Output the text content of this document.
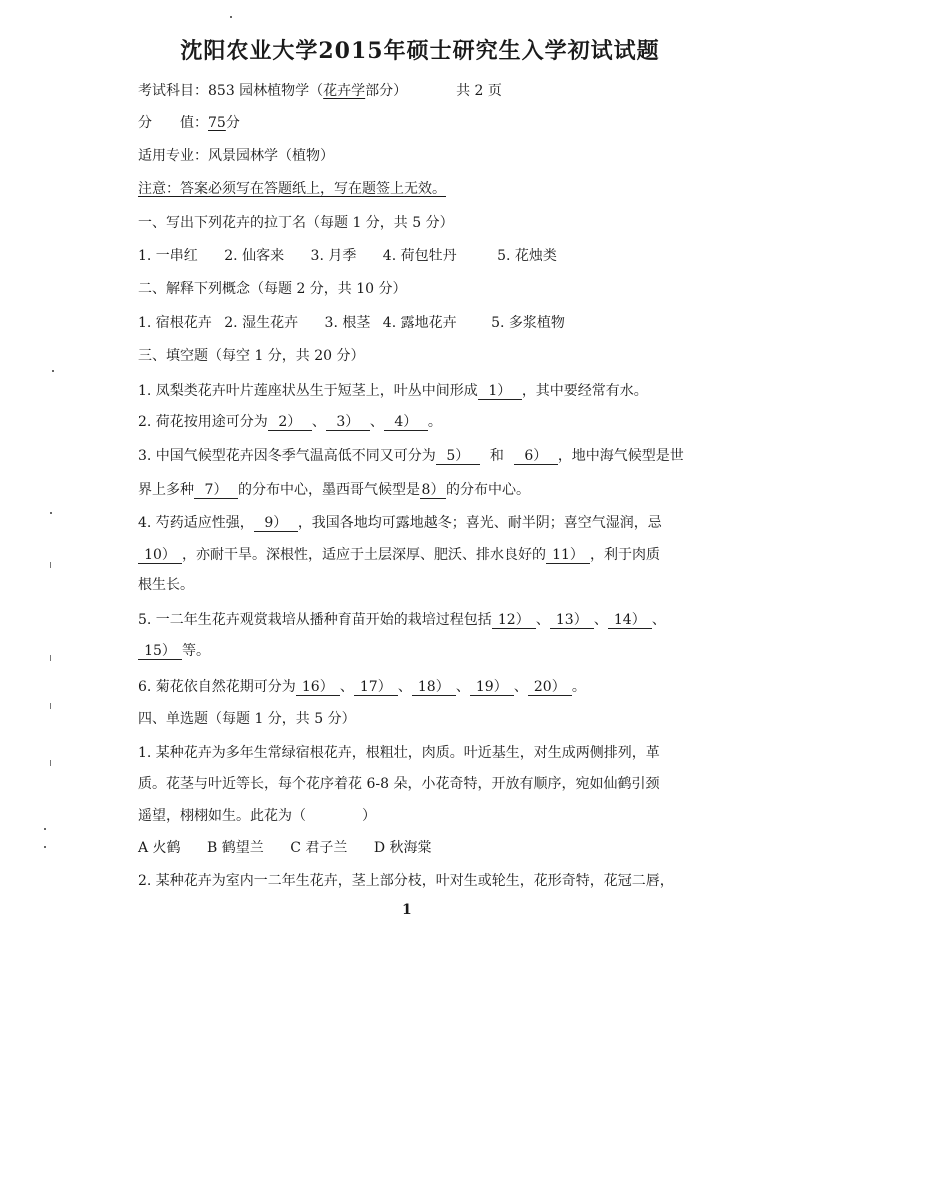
沈阳农业大学2015年硕士研究生入学初试试题
考试科目：853 园林植物学（花卉学部分）	共 2 页
分　　值：75分
适用专业：风景园林学（植物）
注意：答案必须写在答题纸上，写在题签上无效。
一、写出下列花卉的拉丁名（每题 1 分，共 5 分）
1. 一串红 2. 仙客来 3. 月季 4. 荷包牡丹	5. 花烛类
二、解释下列概念（每题 2 分，共 10 分）
1. 宿根花卉 2. 湿生花卉 3. 根茎 4. 露地花卉 5. 多浆植物
三、填空题（每空 1 分，共 20 分）
1. 凤梨类花卉叶片莲座状丛生于短茎上，叶丛中间形成 1） ，其中要经常有水。
2. 荷花按用途可分为 2） 、 3） 、 4） 。
3. 中国气候型花卉因冬季气温高低不同又可分为 5） 和 6） ，地中海气候型是世
界上多种 7） 的分布中心，墨西哥气候型是 8） 的分布中心。
4. 芍药适应性强， 9） ，我国各地均可露地越冬；喜光、耐半阴；喜空气湿润，忌
10） ，亦耐干旱。深根性，适应于土层深厚、肥沃、排水良好的 11） ，利于肉质
根生长。
5. 一二年生花卉观赏栽培从播种育苗开始的栽培过程包括 12） 、 13） 、 14） 、
15） 等。
6. 菊花依自然花期可分为 16） 、 17） 、 18） 、 19） 、 20） 。
四、单选题（每题 1 分，共 5 分）
1. 某种花卉为多年生常绿宿根花卉，根粗壮，肉质。叶近基生，对生成两侧排列，革
质。花茎与叶近等长，每个花序着花 6-8 朵，小花奇特，开放有顺序，宛如仙鹤引颈
遥望，栩栩如生。此花为（　　　　）
A 火鹤 B 鹤望兰 C 君子兰 D 秋海棠
2. 某种花卉为室内一二年生花卉，茎上部分枝，叶对生或轮生，花形奇特，花冠二唇，
1
